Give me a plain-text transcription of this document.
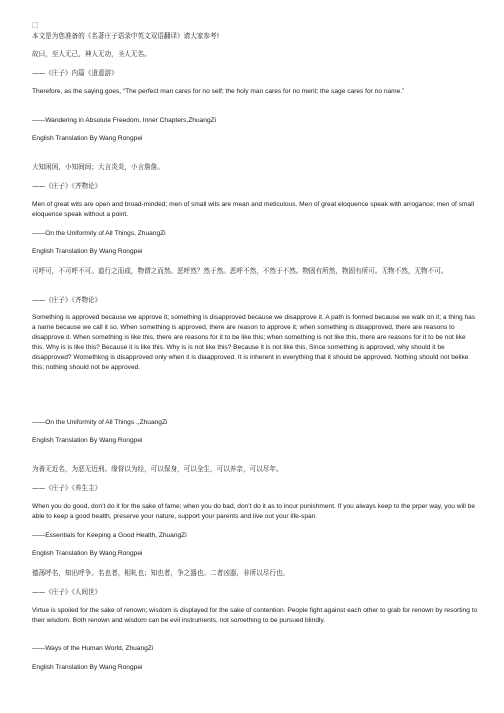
□

本文是为您准备的《名著庄子语录中英文双语翻译》请大家参考!

故曰，至人无己，神人无功，圣人无名。

——《庄子》内篇《逍遥游》

Therefore, as the saying goes, “The perfect man cares for no self; the holy man cares for no merit; the sage cares for no name.”

——Wandering in Absolute Freedom, Inner Chapters,ZhuangZi

English Translation By Wang Rongpei

大知闲闲，小知间间；大言炎炎，小言詹詹。

——《庄子》《齐物论》

Men of great wits are open and broad-minded; men of small wits are mean and meticulous. Men of great eloquence speak with arrogance; men of small eloquence speak without a point.

——On the Uniformity of All Things, ZhuangZi

English Translation By Wang Rongpei

可呼可，不可呼不可。道行之而成，物谓之而然。恶呼然？然于然。恶呼不然，不然于不然。物固有所然，物固有所可。无物不然，无物不可。

——《庄子》《齐物论》

Something is approved because we approve it; something is disapproved because we disapprove it. A path is formed because we walk on it; a thing has a name because we call it so. When something is approved, there are reason to approve it; when something is disapproved, there are reasons to disapprove it. When something is like this, there are reasons for it to be like this; when something is not like this, there are reasons for it to be not like this. Why is is like this? Because it is like this. Why is is not like this? Because it is not like this. Since something is approved, why should it be disapproved? Womethkng is disapproved only when it is diaapproved. It is inherent in everything that it should be approved. Nothing should not belike this; nothing should not be approved.

——On the Uniformity of All Things .,ZhuangZi

English Translation By Wang Rongpei

为善无近名，为恶无近刑。缘督以为经，可以保身，可以全生，可以养亲，可以尽年。

——《庄子》《养生主》

When you do good, don’t do it for the sake of fame; when you do bad, don’t do it as to incur punishment. If you always keep to the prper way, you will be able to keep a good health, preserve your nature, support your parents and live out your life-span.

——Essentials for Keeping a Good Health, ZhuangZi

English Translation By Wang Rongpei

德荡呼名，知出呼争。名也者，相轧也；知也者，争之器也。二者凶器，非所以尽行也。

——《庄子》《人间世》

Virtue is spoiled for the sake of renown; wisdom is displayed for the sake of contention. People fight against each other to grab for renown by resorting to their wisdom. Both renown and wisdom can be evil instruments, not something to be pursued blindly.

——Ways of the Human World, ZhuangZi

English Translation By Wang Rongpei
